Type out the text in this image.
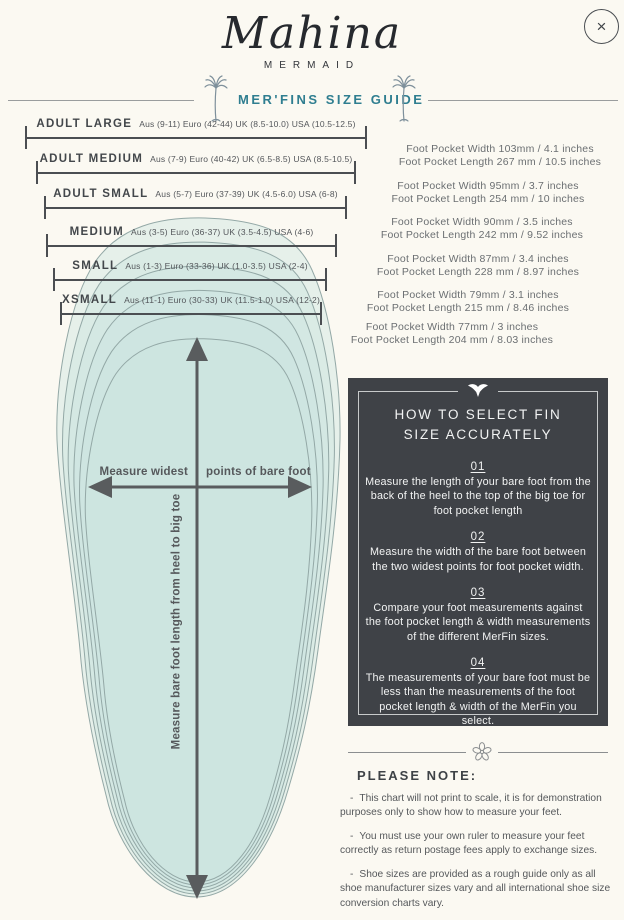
Mahina
MERMAID
×
MER'FINS SIZE GUIDE
Measure widest points of bare foot
Measure bare foot length from heel to big toe
ADULT LARGE Aus (9-11) Euro (42-44) UK (8.5-10.0) USA (10.5-12.5)
ADULT MEDIUM Aus (7-9) Euro (40-42) UK (6.5-8.5) USA (8.5-10.5)
ADULT SMALL Aus (5-7) Euro (37-39) UK (4.5-6.0) USA (6-8)
MEDIUM Aus (3-5) Euro (36-37) UK (3.5-4.5) USA (4-6)
SMALL Aus (1-3) Euro (33-36) UK (1.0-3.5) USA (2-4)
XSMALL Aus (11-1) Euro (30-33) UK (11.5-1.0) USA (12-2)
Foot Pocket Width 103mm / 4.1 inches
Foot Pocket Length 267 mm / 10.5 inches
Foot Pocket Width 95mm / 3.7 inches
Foot Pocket Length 254 mm / 10 inches
Foot Pocket Width 90mm / 3.5 inches
Foot Pocket Length 242 mm / 9.52 inches
Foot Pocket Width 87mm / 3.4 inches
Foot Pocket Length 228 mm / 8.97 inches
Foot Pocket Width 79mm / 3.1 inches
Foot Pocket Length 215 mm / 8.46 inches
Foot Pocket Width 77mm / 3 inches
Foot Pocket Length 204 mm / 8.03 inches
HOW TO SELECT FIN
SIZE ACCURATELY
01
Measure the length of your bare foot from the back of the heel to the top of the big toe for foot pocket length
02
Measure the width of the bare foot between the two widest points for foot pocket width.
03
Compare your foot measurements against the foot pocket length & width measurements of the different MerFin sizes.
04
The measurements of your bare foot must be less than the measurements of the foot pocket length & width of the MerFin you select.
PLEASE NOTE:
- This chart will not print to scale, it is for demonstration purposes only to show how to measure your feet.
- You must use your own ruler to measure your feet correctly as return postage fees apply to exchange sizes.
- Shoe sizes are provided as a rough guide only as all shoe manufacturer sizes vary and all international shoe size conversion charts vary.
